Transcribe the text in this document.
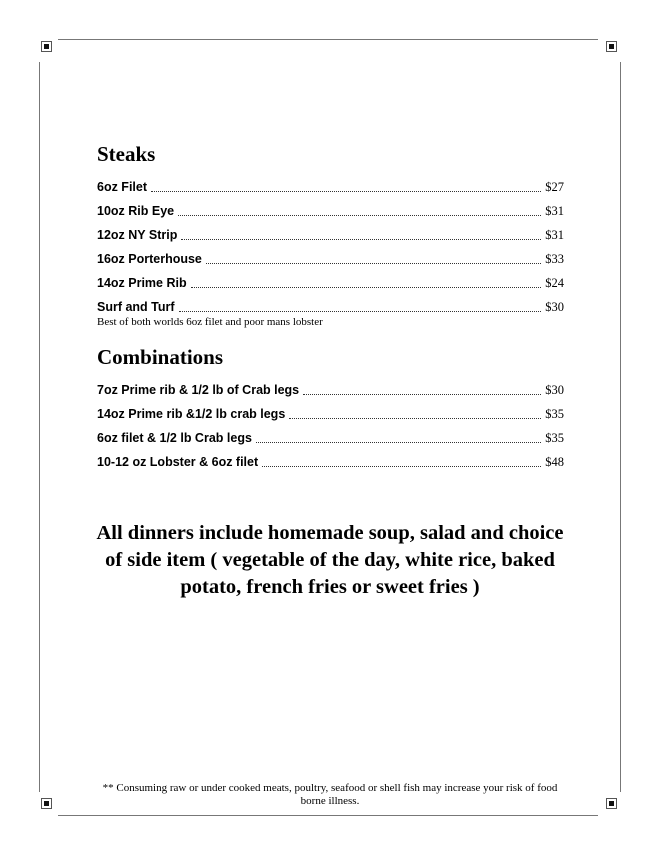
Steaks
6oz Filet	$27
10oz Rib Eye	$31
12oz NY Strip	$31
16oz Porterhouse	$33
14oz Prime Rib	$24
Surf and Turf	$30
Best of both worlds 6oz filet and poor mans lobster
Combinations
7oz Prime rib & 1/2 lb of Crab legs	$30
14oz Prime rib &1/2 lb crab legs	$35
6oz filet & 1/2 lb Crab legs	$35
10-12 oz Lobster & 6oz filet	$48
All dinners include homemade soup, salad and choice of side item ( vegetable of the day, white rice, baked potato, french fries or sweet fries )
** Consuming raw or under cooked meats, poultry, seafood or shell fish may increase your risk of food borne illness.
